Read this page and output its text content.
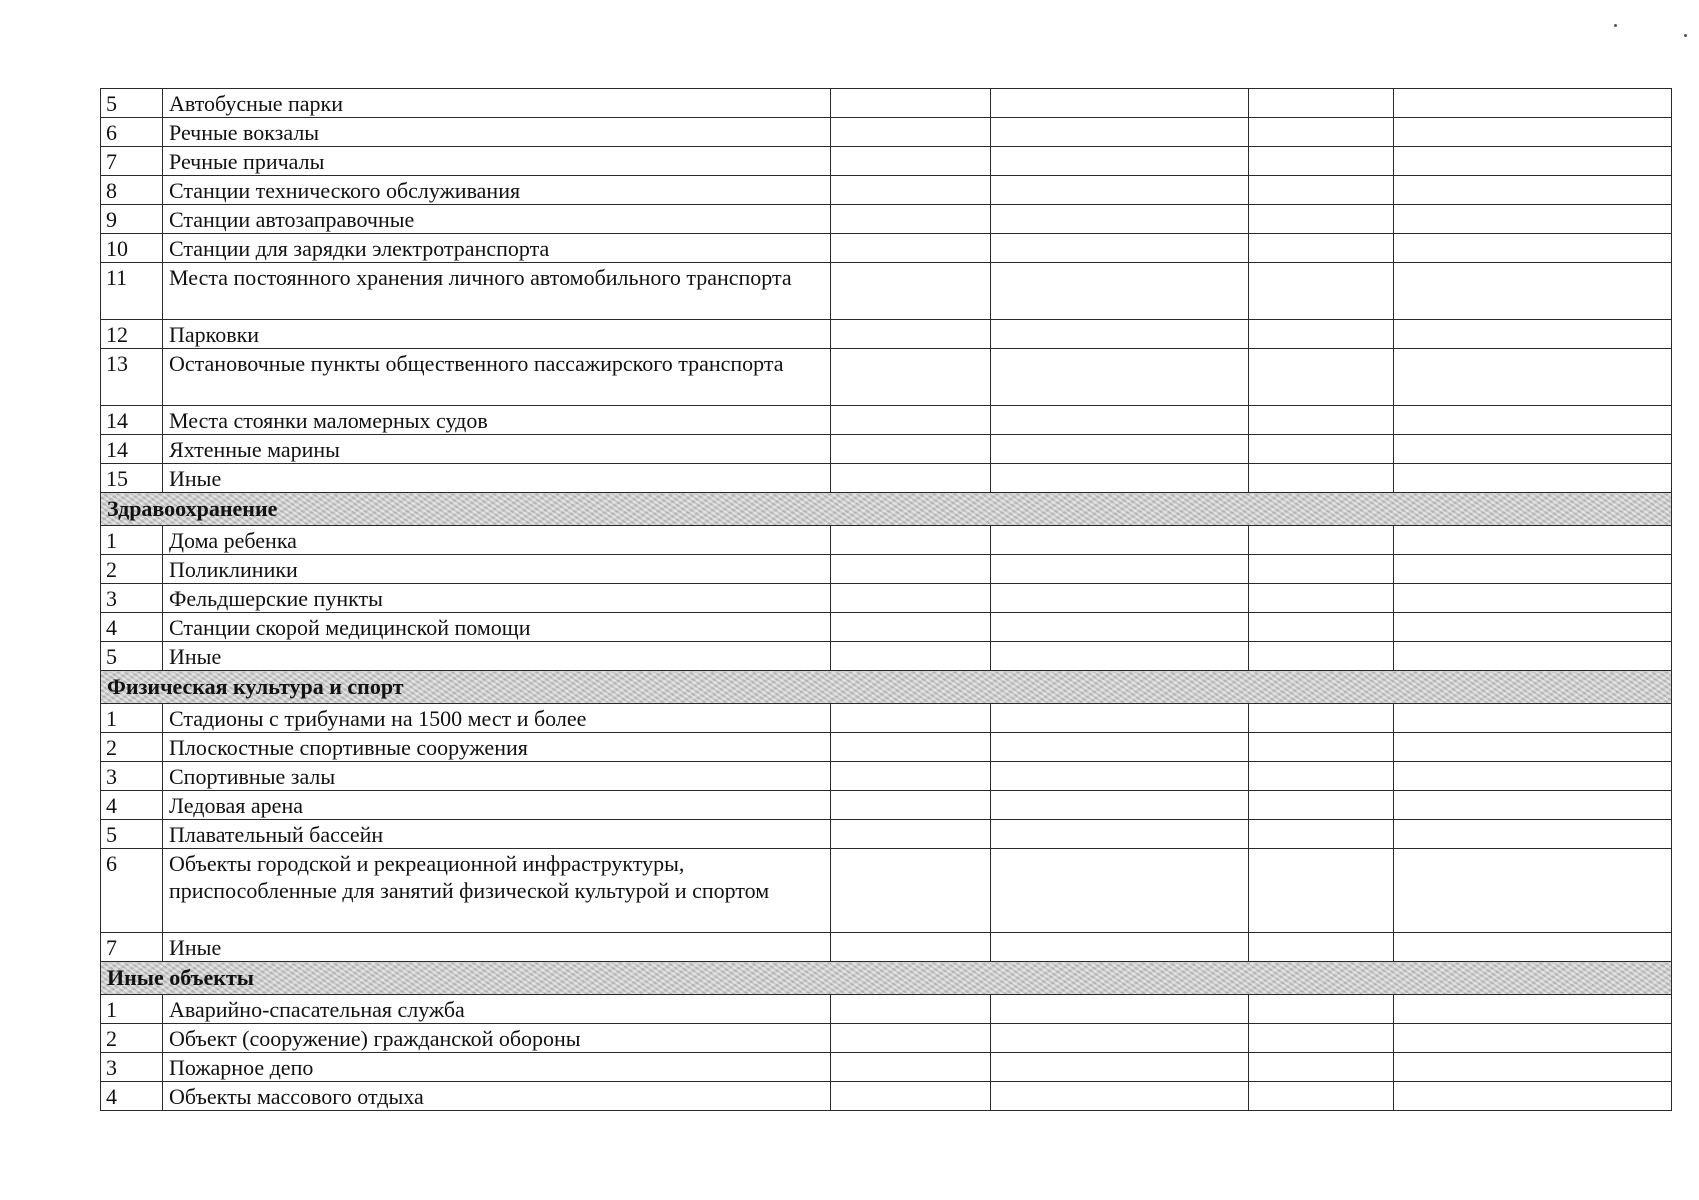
5	Автобусные парки				
6	Речные вокзалы				
7	Речные причалы				
8	Станции технического обслуживания				
9	Станции автозаправочные				
10	Станции для зарядки электротранспорта				
11	Места постоянного хранения личного автомобильного транспорта				
12	Парковки				
13	Остановочные пункты общественного пассажирского транспорта				
14	Места стоянки маломерных судов				
14	Яхтенные марины				
15	Иные				
Здравоохранение					
1	Дома ребенка				
2	Поликлиники				
3	Фельдшерские пункты				
4	Станции скорой медицинской помощи				
5	Иные				
Физическая культура и спорт					
1	Стадионы с трибунами на 1500 мест и более				
2	Плоскостные спортивные сооружения				
3	Спортивные залы				
4	Ледовая арена				
5	Плавательный бассейн				
6	Объекты городской и рекреационной инфраструктуры, приспособленные для занятий физической культурой и спортом				
7	Иные				
Иные объекты					
1	Аварийно-спасательная служба				
2	Объект (сооружение) гражданской обороны				
3	Пожарное депо				
4	Объекты массового отдыха				
